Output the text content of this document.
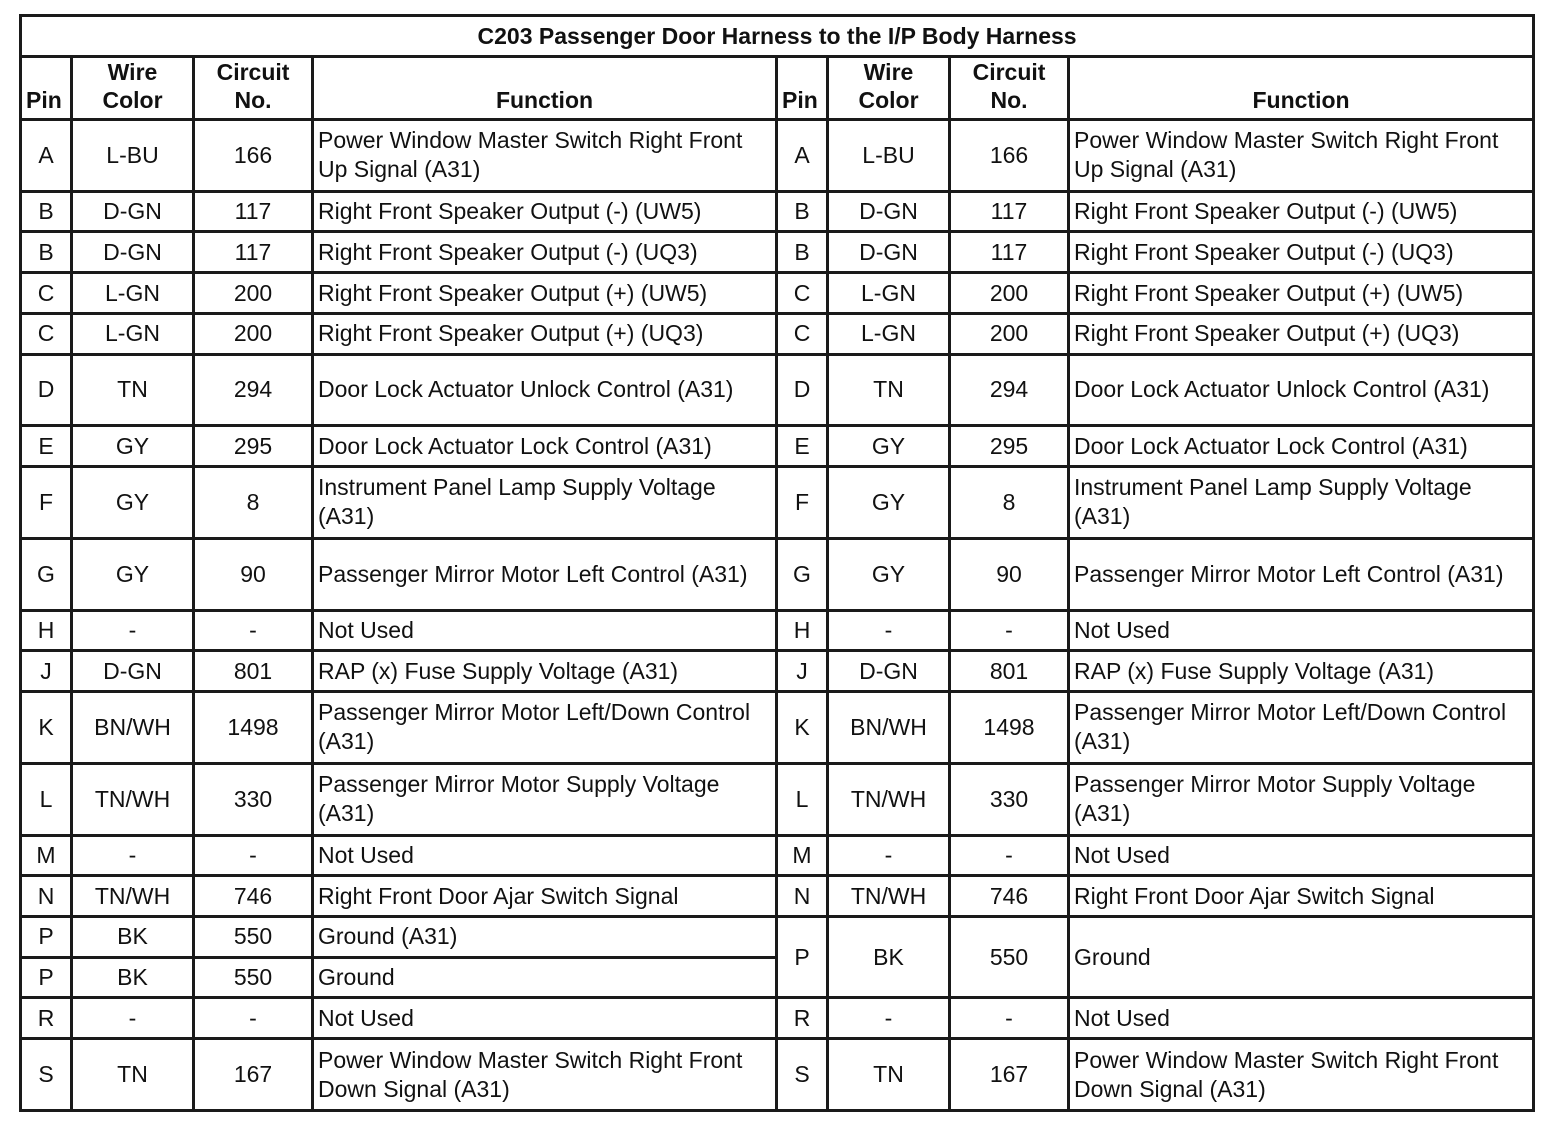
C203 Passenger Door Harness to the I/P Body Harness							
Pin	Wire Color	Circuit No.	Function	Pin	Wire Color	Circuit No.	Function
A	L-BU	166	Power Window Master Switch Right Front Up Signal (A31)	A	L-BU	166	Power Window Master Switch Right Front Up Signal (A31)
B	D-GN	117	Right Front Speaker Output (-) (UW5)	B	D-GN	117	Right Front Speaker Output (-) (UW5)
B	D-GN	117	Right Front Speaker Output (-) (UQ3)	B	D-GN	117	Right Front Speaker Output (-) (UQ3)
C	L-GN	200	Right Front Speaker Output (+) (UW5)	C	L-GN	200	Right Front Speaker Output (+) (UW5)
C	L-GN	200	Right Front Speaker Output (+) (UQ3)	C	L-GN	200	Right Front Speaker Output (+) (UQ3)
D	TN	294	Door Lock Actuator Unlock Control (A31)	D	TN	294	Door Lock Actuator Unlock Control (A31)
E	GY	295	Door Lock Actuator Lock Control (A31)	E	GY	295	Door Lock Actuator Lock Control (A31)
F	GY	8	Instrument Panel Lamp Supply Voltage (A31)	F	GY	8	Instrument Panel Lamp Supply Voltage (A31)
G	GY	90	Passenger Mirror Motor Left Control (A31)	G	GY	90	Passenger Mirror Motor Left Control (A31)
H	-	-	Not Used	H	-	-	Not Used
J	D-GN	801	RAP (x) Fuse Supply Voltage (A31)	J	D-GN	801	RAP (x) Fuse Supply Voltage (A31)
K	BN/WH	1498	Passenger Mirror Motor Left/Down Control (A31)	K	BN/WH	1498	Passenger Mirror Motor Left/Down Control (A31)
L	TN/WH	330	Passenger Mirror Motor Supply Voltage (A31)	L	TN/WH	330	Passenger Mirror Motor Supply Voltage (A31)
M	-	-	Not Used	M	-	-	Not Used
N	TN/WH	746	Right Front Door Ajar Switch Signal	N	TN/WH	746	Right Front Door Ajar Switch Signal
P	BK	550	Ground (A31)	P	BK	550	Ground
P	BK	550	Ground				
R	-	-	Not Used	R	-	-	Not Used
S	TN	167	Power Window Master Switch Right Front Down Signal (A31)	S	TN	167	Power Window Master Switch Right Front Down Signal (A31)
